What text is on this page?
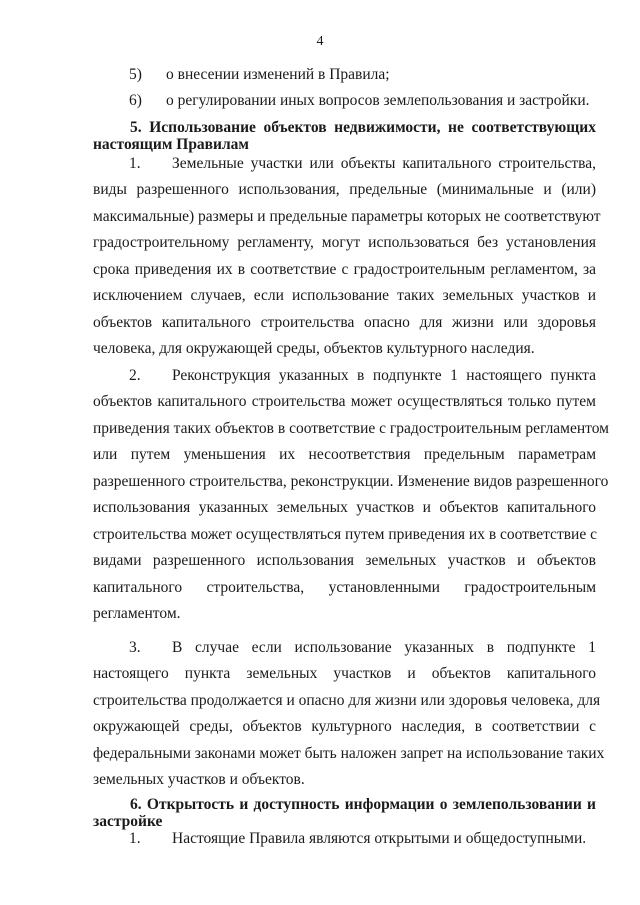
4
5) о внесении изменений в Правила;
6) о регулировании иных вопросов землепользования и застройки.
5. Использование объектов недвижимости, не соответствующих
настоящим Правилам
1. Земельные участки или объекты капитального строительства,
виды разрешенного использования, предельные (минимальные и (или)
максимальные) размеры и предельные параметры которых не соответствуют
градостроительному регламенту, могут использоваться без установления
срока приведения их в соответствие с градостроительным регламентом, за
исключением случаев, если использование таких земельных участков и
объектов капитального строительства опасно для жизни или здоровья
человека, для окружающей среды, объектов культурного наследия.
2. Реконструкция указанных в подпункте 1 настоящего пункта
объектов капитального строительства может осуществляться только путем
приведения таких объектов в соответствие с градостроительным регламентом
или путем уменьшения их несоответствия предельным параметрам
разрешенного строительства, реконструкции. Изменение видов разрешенного
использования указанных земельных участков и объектов капитального
строительства может осуществляться путем приведения их в соответствие с
видами разрешенного использования земельных участков и объектов
капитального строительства, установленными градостроительным
регламентом.
3. В случае если использование указанных в подпункте 1
настоящего пункта земельных участков и объектов капитального
строительства продолжается и опасно для жизни или здоровья человека, для
окружающей среды, объектов культурного наследия, в соответствии с
федеральными законами может быть наложен запрет на использование таких
земельных участков и объектов.
6. Открытость и доступность информации о землепользовании и
застройке
1. Настоящие Правила являются открытыми и общедоступными.
